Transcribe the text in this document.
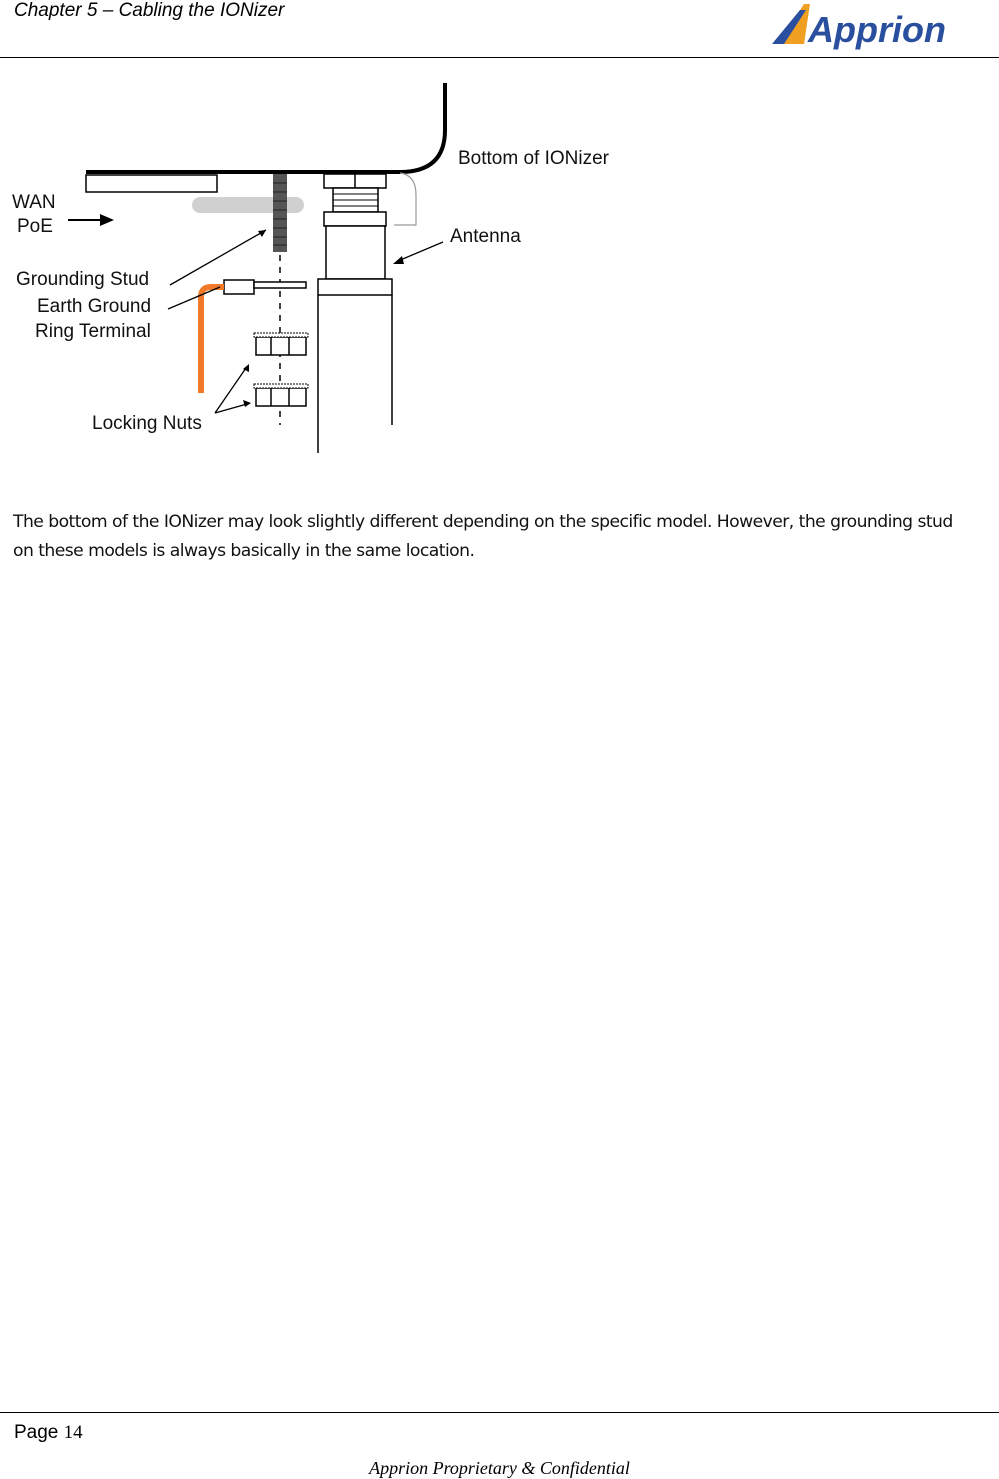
Chapter 5 – Cabling the IONizer	Apprion
Bottom of IONizer
WAN
PoE	Antenna
Grounding Stud
Earth Ground
Ring Terminal
Locking Nuts
The bottom of the IONizer may look slightly different depending on the specific model. However, the grounding stud on these models is always basically in the same location.
Page 14
Apprion Proprietary & Confidential
